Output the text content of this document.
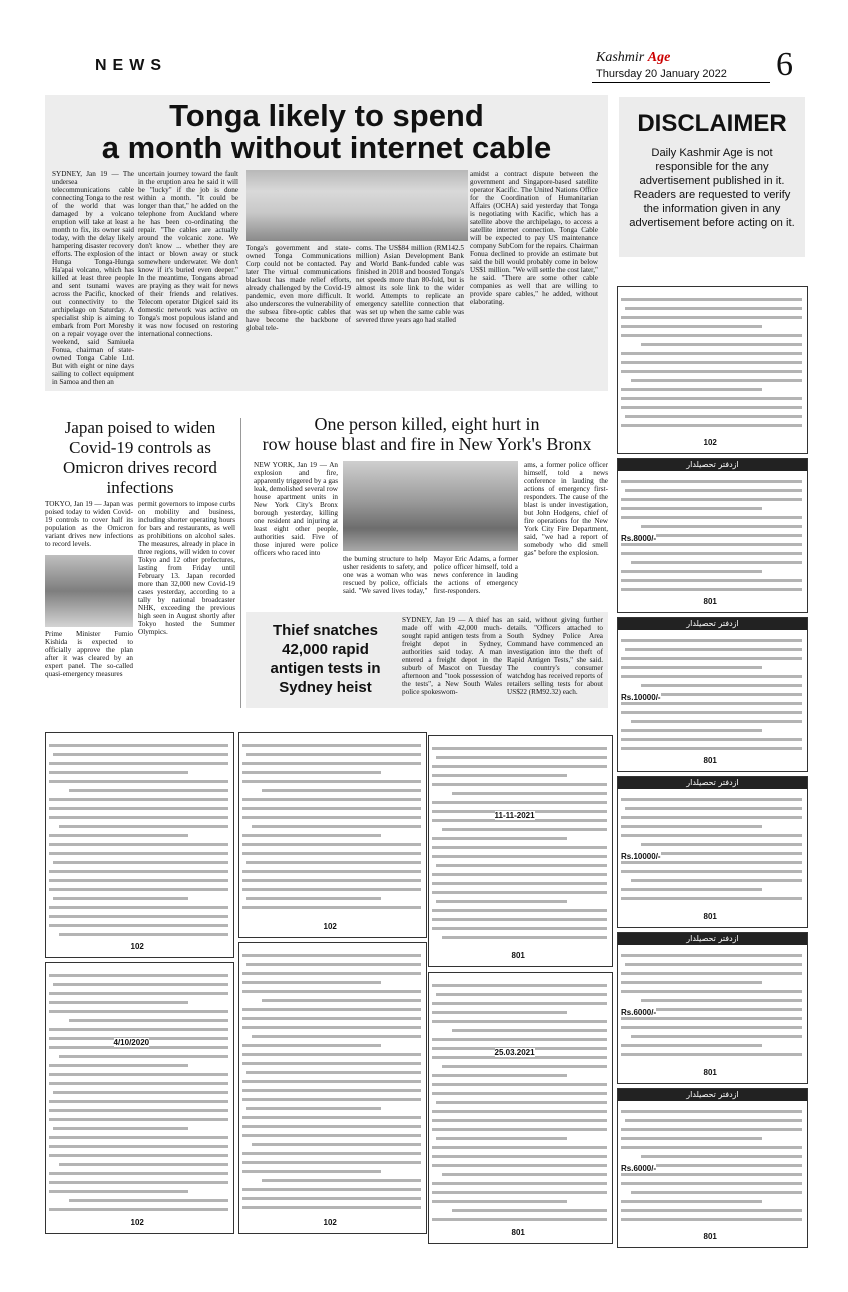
NEWS	Kashmir Age
Thursday 20 January 2022 6
Tonga likely to spend
a month without internet cable
SYDNEY, Jan 19 — The undersea telecommunications cable connecting Tonga to the rest of the world that was damaged by a volcano eruption will take at least a month to fix, its owner said today, with the delay likely hampering disaster recovery efforts. The explosion of the Hunga Tonga-Hunga Ha'apai volcano, which has killed at least three people and sent tsunami waves across the Pacific, knocked out connectivity to the archipelago on Saturday. A specialist ship is aiming to embark from Port Moresby on a repair voyage over the weekend, said Samiuela Fonua, chairman of state-owned Tonga Cable Ltd. But with eight or nine days sailing to collect equipment in Samoa and then an
uncertain journey toward the fault in the eruption area he said it will be "lucky" if the job is done within a month. "It could be longer than that," he added on the telephone from Auckland where he has been co-ordinating the repair. "The cables are actually around the volcanic zone. We don't know ... whether they are intact or blown away or stuck somewhere underwater. We don't know if it's buried even deeper." In the meantime, Tongans abroad are praying as they wait for news of their friends and relatives. Telecom operator Digicel said its domestic network was active on Tonga's most populous island and it was now focused on restoring international connections.
Tonga's government and state-owned Tonga Communications Corp could not be contacted. Pay later The virtual communications blackout has made relief efforts, already challenged by the Covid-19 pandemic, even more difficult. It also underscores the vulnerability of the subsea fibre-optic cables that have become the backbone of global tele-
coms. The US$84 million (RM142.5 million) Asian Development Bank and World Bank-funded cable was finished in 2018 and boosted Tonga's net speeds more than 80-fold, but is almost its sole link to the wider world. Attempts to replicate an emergency satellite connection that was set up when the same cable was severed three years ago had stalled
amidst a contract dispute between the government and Singapore-based satellite operator Kacific. The United Nations Office for the Coordination of Humanitarian Affairs (OCHA) said yesterday that Tonga is negotiating with Kacific, which has a satellite above the archipelago, to access a satellite internet connection. Tonga Cable will be expected to pay US maintenance company SubCom for the repairs. Chairman Fonua declined to provide an estimate but said the bill would probably come in below US$1 million. "We will settle the cost later," he said. "There are some other cable companies as well that are willing to provide spare cables," he added, without elaborating.
DISCLAIMER
Daily Kashmir Age is not responsible for the any advertisement published in it. Readers are requested to verify the information given in any advertisement before acting on it.
Japan poised to widen Covid-19 controls as Omicron drives record infections
TOKYO, Jan 19 — Japan was poised today to widen Covid-19 controls to cover half its population as the Omicron variant drives new infections to record levels.
Prime Minister Fumio Kishida is expected to officially approve the plan after it was cleared by an expert panel. The so-called quasi-emergency measures
permit governors to impose curbs on mobility and business, including shorter operating hours for bars and restaurants, as well as prohibitions on alcohol sales. The measures, already in place in three regions, will widen to cover Tokyo and 12 other prefectures, lasting from Friday until February 13. Japan recorded more than 32,000 new Covid-19 cases yesterday, according to a tally by national broadcaster NHK, exceeding the previous high seen in August shortly after Tokyo hosted the Summer Olympics.
One person killed, eight hurt in
row house blast and fire in New York's Bronx
NEW YORK, Jan 19 — An explosion and fire, apparently triggered by a gas leak, demolished several row house apartment units in New York City's Bronx borough yesterday, killing one resident and injuring at least eight other people, authorities said. Five of those injured were police officers who raced into
the burning structure to help usher residents to safety, and one was a woman who was rescued by police, officials said. "We saved lives today," Mayor Eric Adams, a former police officer himself, told a news conference in lauding the actions of emergency first-responders.
ams, a former police officer himself, told a news conference in lauding the actions of emergency first-responders. The cause of the blast is under investigation, but John Hodgens, chief of fire operations for the New York City Fire Department, said, "we had a report of somebody who did smell gas" before the explosion.
Thief snatches 42,000 rapid antigen tests in Sydney heist
SYDNEY, Jan 19 — A thief has made off with 42,000 much-sought rapid antigen tests from a freight depot in Sydney, authorities said today. A man entered a freight depot in the suburb of Mascot on Tuesday afternoon and "took possession of the tests", a New South Wales police spokeswom-
an said, without giving further details. "Officers attached to South Sydney Police Area Command have commenced an investigation into the theft of Rapid Antigen Tests," she said. The country's consumer watchdog has received reports of retailers selling tests for about US$22 (RM92.32) each.
ازدفتر تحصیلدار
ازدفتر تحصیلدار
ازدفتر تحصیلدار
ازدفتر تحصیلدار
ازدفتر تحصیلدار
102
801
Rs.8000/-
801
Rs.10000/-
801
Rs.10000/-
801
Rs.6000/-
801
Rs.6000/-
102
102
801
11-11-2021
102
4/10/2020
102
801
25.03.2021
